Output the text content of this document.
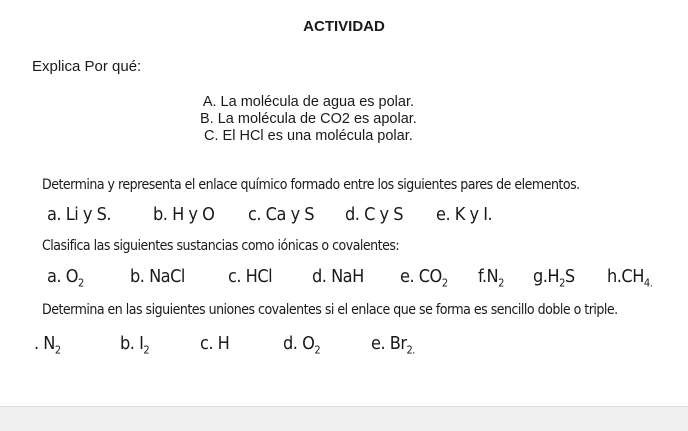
ACTIVIDAD
Explica Por qué:
A. La molécula de agua es polar.
B. La molécula de CO2 es apolar.
C. El HCl es una molécula polar.
Determina y representa el enlace químico formado entre los siguientes pares de elementos.
a. Li y S. b. H y O c. Ca y S d. C y S e. K y I.
Clasifica las siguientes sustancias como iónicas o covalentes:
a. $O_2$	b. NaCl c. HCl d. NaH e. $CO_2$ $f.N_2$ $g.H_2S$ $h.CH_{4.}$
Determina en las siguientes uniones covalentes si el enlace que se forma es sencillo doble o triple.
. $N_2$	b. $I_2$	c. H	d. $O_2$	e. $Br_{2.}$
